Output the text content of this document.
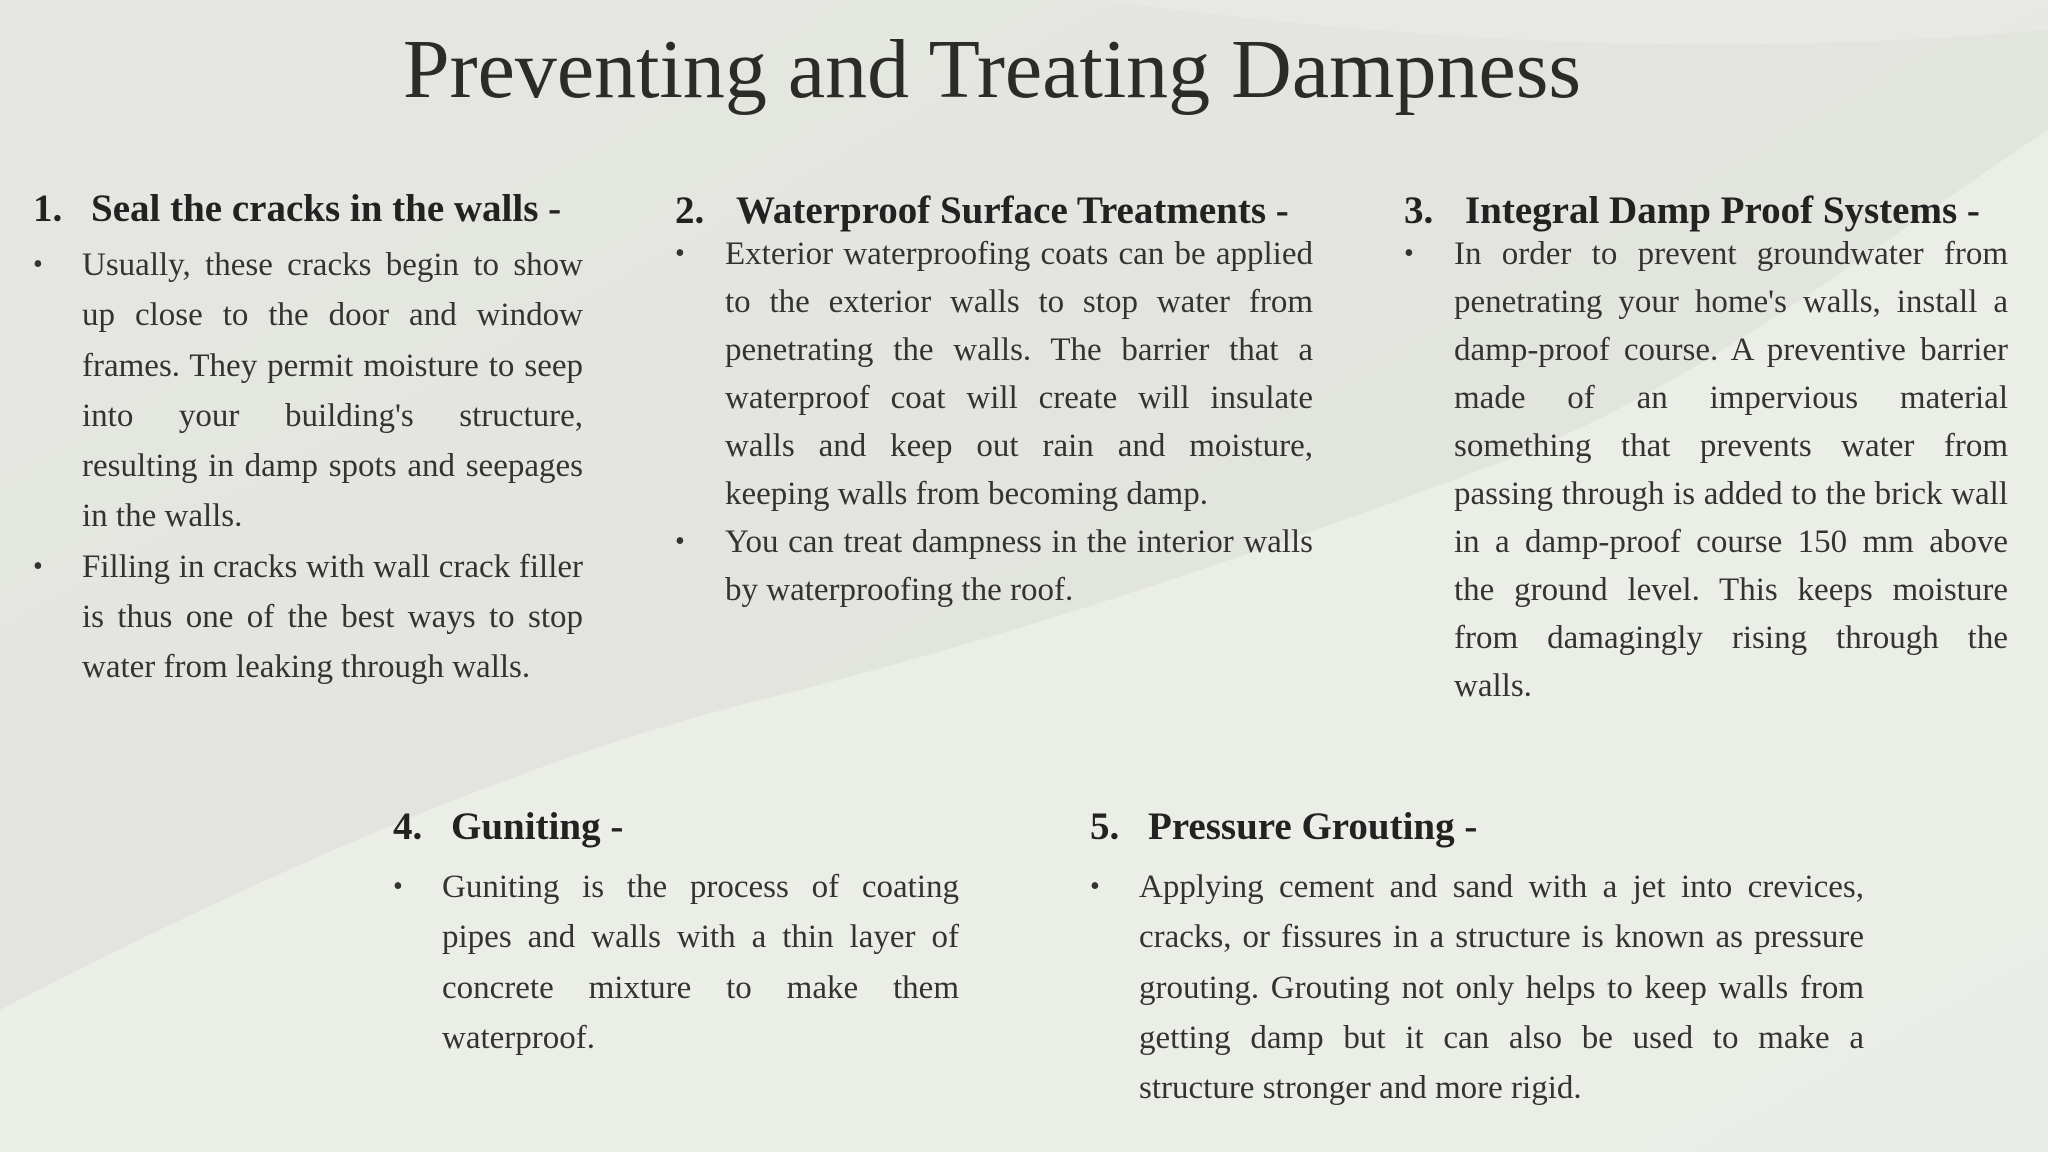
Preventing and Treating Dampness
1. Seal the cracks in the walls -
• Usually, these cracks begin to show up close to the door and window frames. They permit moisture to seep into your building's structure, resulting in damp spots and seepages in the walls.
• Filling in cracks with wall crack filler is thus one of the best ways to stop water from leaking through walls.
2. Waterproof Surface Treatments -
• Exterior waterproofing coats can be applied to the exterior walls to stop water from penetrating the walls. The barrier that a waterproof coat will create will insulate walls and keep out rain and moisture, keeping walls from becoming damp.
• You can treat dampness in the interior walls by waterproofing the roof.
3. Integral Damp Proof Systems -
• In order to prevent groundwater from penetrating your home's walls, install a damp-proof course. A preventive barrier made of an impervious material something that prevents water from passing through is added to the brick wall in a damp-proof course 150 mm above the ground level. This keeps moisture from damagingly rising through the walls.
4. Guniting -
• Guniting is the process of coating pipes and walls with a thin layer of concrete mixture to make them waterproof.
5. Pressure Grouting -
• Applying cement and sand with a jet into crevices, cracks, or fissures in a structure is known as pressure grouting. Grouting not only helps to keep walls from getting damp but it can also be used to make a structure stronger and more rigid.
